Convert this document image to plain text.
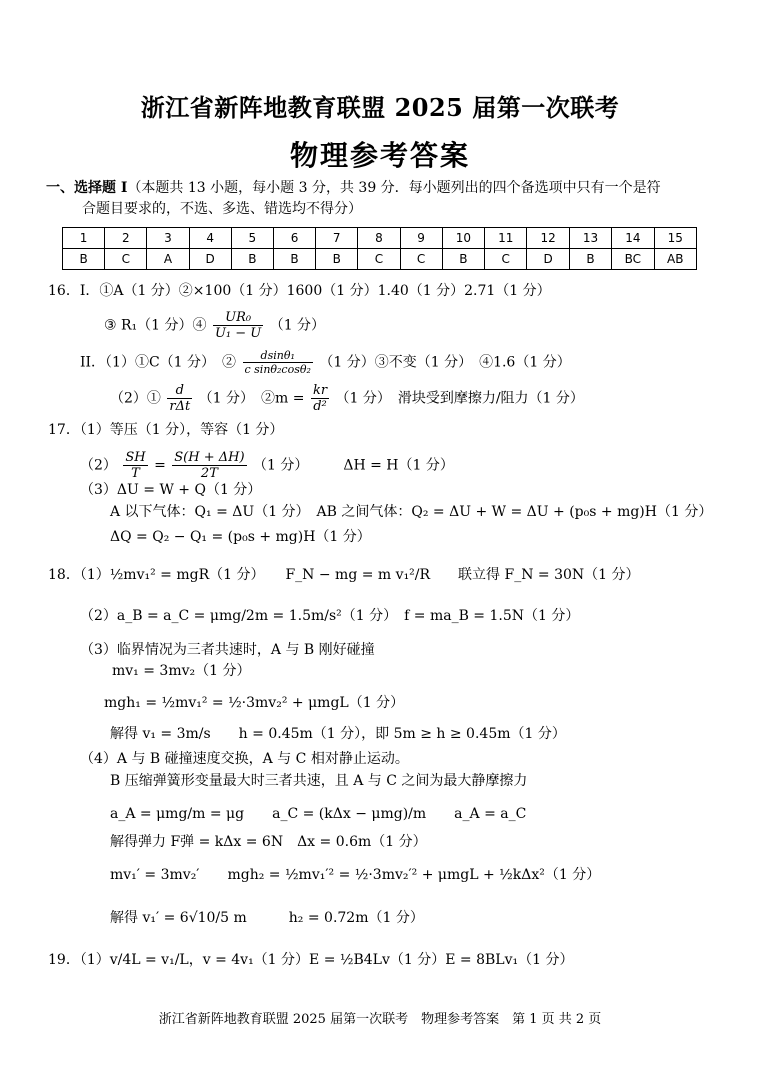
浙江省新阵地教育联盟 2025 届第一次联考
物理参考答案
一、选择题 I（本题共 13 小题，每小题 3 分，共 39 分．每小题列出的四个备选项中只有一个是符
合题目要求的，不选、多选、错选均不得分）
1	2	3	4	5	6	7	8	9	10	11	12	13	14	15
B	C	A	D	B	B	B	C	C	B	C	D	B	BC	AB
16．I．①A（1 分）②×100（1 分）1600（1 分）1.40（1 分）2.71（1 分）
③ R₁（1 分）④ $\frac{\text{UR₀}}{\text{U₁ − U}} (1$ 分）
II．（1）①C（1 分）　② $\frac{\text{dsinθ₁}}{\text{c sinθ₂cosθ₂}} (1$ 分）③不变（1 分）　④1.6（1 分）
（2）① $\frac{d}{\text{rΔt}} (1$ 分）　②m = $\frac{kr}{\text{d²}} (1$ 分）　滑块受到摩擦力/阻力（1 分）
17．（1）等压（1 分），等容（1 分）
$(2) \frac{SH}{T} = \frac{S(H + \Delta H)}{2T} (1$ 分）　　　ΔH = H（1 分）
（3）ΔU = W + Q（1 分）
A 以下气体：Q₁ = ΔU（1 分）　AB 之间气体：Q₂ = ΔU + W = ΔU + (p₀s + mg)H（1 分）
ΔQ = Q₂ − Q₁ = (p₀s + mg)H（1 分）
18．（1）½mv₁² = mgR（1 分）　　F_N − mg = m v₁²/R　　联立得 F_N = 30N（1 分）
（2）a_B = a_C = μmg/2m = 1.5m/s²（1 分）　f = ma_B = 1.5N（1 分）
（3）临界情况为三者共速时，A 与 B 刚好碰撞
mv₁ = 3mv₂（1 分）
mgh₁ = ½mv₁² = ½·3mv₂² + μmgL（1 分）
解得 v₁ = 3m/s　　h = 0.45m（1 分），即 5m ≥ h ≥ 0.45m（1 分）
（4）A 与 B 碰撞速度交换，A 与 C 相对静止运动。
B 压缩弹簧形变量最大时三者共速，且 A 与 C 之间为最大静摩擦力
a_A = μmg/m = μg　　a_C = (kΔx − μmg)/m　　a_A = a_C
解得弹力 F弹 = kΔx = 6N　Δx = 0.6m（1 分）
mv₁′ = 3mv₂′　　mgh₂ = ½mv₁′² = ½·3mv₂′² + μmgL + ½kΔx²（1 分）
解得 v₁′ = 6√10/5 m　　　h₂ = 0.72m（1 分）
19．（1）v/4L = v₁/L，v = 4v₁（1 分）E = ½B4Lv（1 分）E = 8BLv₁（1 分）
浙江省新阵地教育联盟 2025 届第一次联考　物理参考答案　第 1 页 共 2 页
